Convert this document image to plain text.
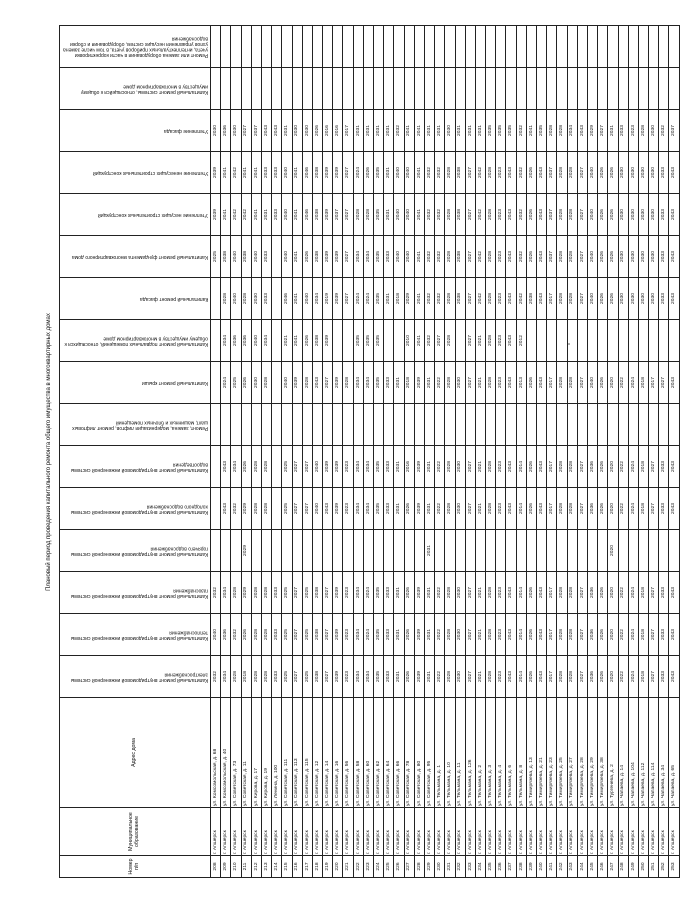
Плановый период проведения капитального ремонта общего имущества в многоквартирных домах
Номер п/п	Муниципальное образование	Адрес дома	Капитальный ремонт внутридомовой инженерной системы электроснабжения	Капитальный ремонт внутридомовой инженерной системы теплоснабжения	Капитальный ремонт внутридомовой инженерной системы газоснабжения	Капитальный ремонт внутридомовой инженерной системы горячего водоснабжения	Капитальный ремонт внутридомовой инженерной системы холодного водоснабжения	Капитальный ремонт внутридомовой инженерной системы водоотведения	Ремонт, замена, модернизация лифтов, ремонт лифтовых шахт, машинных и блочных помещений	Капитальный ремонт крыши	Капитальный ремонт подвальных помещений, относящихся к общему имуществу в многоквартирном доме	Капитальный ремонт фасада	Капитальный ремонт фундамента многоквартирного дома	Утепление несущих строительных конструкций	Утепление ненесущих строительных конструкций	Утепление фасада	Капитальный ремонт системы, относящейся к общему имуществу в многоквартирном доме	Ремонт или замена оборудования в части корректировки учета, интеллектуальных приборов учета, в том числе замена узлов управления несущих систем, оборудования и сборки водоснабжения

208	г. Апшерск	ул. Комсомольская, д. 68	2032	2040	2032								2025	2039	2039	2030		
209	г. Апшерск	ул. Комсомольская, д. 40	2034	2036	2034		2043	2043		2024	2034	2028	2038	2041	2041	2036		
210	г. Апшерск	ул. Советская, д. 73	2028	2032	2028		2032	2034		2025	2036	2040	2040	2042	2042	2030		
211	г. Апшерск	ул. Советская, д. 11	2018	2026	2029	2029	2029	2026		2026	2036	2028	2038	2042	2041	2027		
212	г. Апшерск	ул. Кирова, д. 17	2028	2028	2028		2028	2028		2030	2040	2030	2040	2041	2041	2037		
213	г. Апшерск	ул. Кирова, д. 19	2028	2028	2028		2028	2028		2028	2034	2033	2033	2031	2033	2043		
214	г. Апшерск	ул. Ленина, д. 100	2033	2033	2033									2033	2033	2043		
215	г. Апшерск	ул. Советская, д. 111	2025	2025	2025		2025	2025		2040	2021	2046	2040	2040	2040	2031		
216	г. Апшерск	ул. Советская, д. 113	2027	2027	2027		2027	2027		2039	2041	2041	2041	2041	2041	2030		
217	г. Апшерск	ул. Советская, д. 115	2025	2025	2025		2027	2027		2028	2026	2040	2026	2046	2046	2030		
218	г. Апшерск	ул. Советская, д. 12	2038	2038	2038		2040	2040		2043	2038	2034	2038	2038	2038	2026		
219	г. Апшерск	ул. Советская, д. 14	2027	2027	2027		2043	2039		2027	2039	2019	2039	2039	2039	2016		
220	г. Апшерск	ул. Советская, д. 16	2039	2039	2039		2039	2039		2039		2039	2039	2037	2039	2016		
221	г. Апшерск	ул. Советская, д. 56	2023	2023	2023		2023	2023		2028		2027	2027	2027	2027	2017		
222	г. Апшерск	ул. Советская, д. 58	2034	2034	2034		2034	2034		2034	2035	2024	2034	2028	2024	2031		
223	г. Апшерск	ул. Советская, д. 60	2034	2024	2024		2034	2034		2034	2035	2024	2034	2028	2026	2031		
224	г. Апшерск	ул. Советская, д. 62	2035	2035	2035		2035	2035		2035	2035	2035	2035	2035	2035	2031		
225	г. Апшерск	ул. Советская, д. 64	2033	2033	2033		2033	2033		2033		2031	2033	2031	2031	2031		
226	г. Апшерск	ул. Советская, д. 66	2031	2031	2031		2031	2031		2031		2018	2040	2040	2040	2032		
227	г. Апшерск	ул. Советская, д. 78	2026	2026	2026		2026	2016		2018	2010	2029	2040	2040	2040	2041		
228	г. Апшерск	ул. Советская, д. 80	2039	2039	2039		2039	2039		2039	2041	2041	2041	2041	2041	2041		
229	г. Апшерск	ул. Советская, д. 95	2031	2031	2031	2031	2031	2031		2031	2032	2032	2032	2032	2032	2031		
230	г. Апшерск	ул. Тельмана, д. 1	2022	2022	2022		2022	2022		2022	2027	2032	2032	2032	2032	2031		
231	г. Апшерск	ул. Тельмана, д. 10	2028	2028	2028		2028	2028		2028	2028	2028	2028	2028	2028	2030		
232	г. Апшерск	ул. Тельмана, д. 11	2030	2030	2030		2030	2030		2030		2038	2038	2038	2038	2031		
233	г. Апшерск	ул. Тельмана, д. 126	2027	2027	2027		2027	2027		2027	2027	2027	2027	2027	2027	2031		
234	г. Апшерск	ул. Тельмана, д. 2	2021	2021	2021		2021	2021		2021	2021	2042	2042	2042	2042	2031		
235	г. Апшерск	ул. Тельмана, д. 3	2028	2028	2028		2028	2028		2028	2028	2028	2028	2028	2028	2035		
236	г. Апшерск	ул. Тельмана, д. 4	2023	2023	2023		2023	2023		2023	2023	2023	2023	2023	2023	2035		
237	г. Апшерск	ул. Тельмана, д. 6	2043	2043	2043		2043	2043		2043	2043	2043	2043	2043	2043	2035		
238	г. Апшерск	ул. Тельмана, д. 8	2014	2014	2014		2014	2014		2013	2012	2042	2032	2032	2032	2032		
239	г. Апшерск	ул. Тимирязева, д. 13	2026	2026	2026		2026	2026		2026		2038	2026	2026	2026	2041		
240	г. Апшерск	ул. Тимирязева, д. 21	2043	2043	2043		2043	2043		2043		2043	2043	2043	2043	2035		
241	г. Апшерск	ул. Тимирязева, д. 23	2017	2017	2017		2017	2017		2017		2017	2037	2037	2037	2028		
242	г. Апшерск	ул. Тимирязева, д. 25	2028	2028	2028		2028	2028		2028		2028	2028	2028	2028	2028		
243	г. Апшерск	ул. Тимирязева, д. 27	2028	2028	2028		2028	2028		2028		2028	2028	2028	2028	2034		
244	г. Апшерск	ул. Тимирязева, д. 28	2027	2027	2027		2027	2027		2027		2027	2027	2027	2027	2043		
245	г. Апшерск	ул. Тимирязева, д. 29	2036	2036	2036		2036	2036		2040		2040	2040	2040	2040	2029		
246	г. Апшерск	ул. Тимирязева, д. 38	2026	2026	2026		2026	2026		2026		2026	2026	2026	2026	2027		
247	г. Апшерск	ул. Тургенева, д. 2	2020	2020	2020	2020	2020	2020		2020		2026	2026	2026	2026	2031		
248	г. Апшерск	ул. Чапаева, д. 14	2022	2022	2022		2022	2022		2022		2030	2030	2030	2030	2033		
249	г. Апшерск	ул. Чапаева, д. 104	2024	2024	2024		2024	2024		2024		2030	2030	2030	2030	2023		
250	г. Апшерск	ул. Чапаева, д. 112	2018	2018	2018		2018	2018		2018		2030	2030	2030	2030	2028		
251	г. Апшерск	ул. Чапаева, д. 114	2027	2027	2027		2027	2027		2017		2030	2030	2030	2030	2030		
252	г. Апшерск	ул. Чапаева, д. 34	2033	2033	2033		2033	2033		2027		2033	2033	2033	2033	2032		
253	г. Апшерск	ул. Чапаева, д. 65	2043	2043	2043		2043	2043		2043		2043	2043	2043	2043	2037		
